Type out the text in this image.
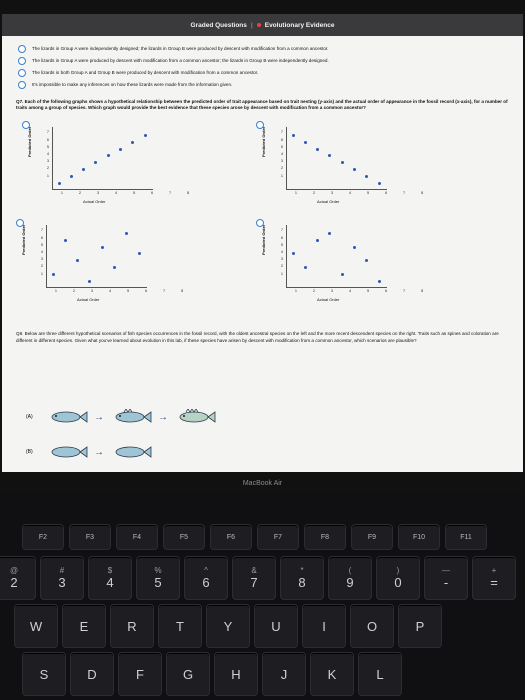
Graded Questions | Evolutionary Evidence
The lizards in Group A were independently designed; the lizards in Group B were produced by descent with modification from a common ancestor.
The lizards in Group A were produced by descent with modification from a common ancestor; the lizards in Group B were independently designed.
The lizards in both Group A and Group B were produced by descent with modification from a common ancestor.
It's impossible to make any inferences on how these lizards were made from the information given.
Q7. Each of the following graphs shows a hypothetical relationship between the predicted order of trait appearance based on trait nesting (y-axis) and the actual order of appearance in the fossil record (x-axis), for a number of traits among a group of species. Which graph would provide the best evidence that these species arose by descent with modification from a common ancestor?
Predicted Order	7
6
5
4
3
2
1
1 2 3 4 5 6 7 8
Actual Order
Predicted Order	7
6
5
4
3
2
1
1 2 3 4 5 6 7 8
Actual Order
Predicted Order	7
6
5
4
3
2
1
1 2 3 4 5 6 7 8
Actual Order
Predicted Order	7
6
5
4
3
2
1
1 2 3 4 5 6 7 8
Actual Order
Q8. Below are three different hypothetical scenarios of fish species occurrences in the fossil record, with the oldest ancestral species on the left and the more recent descendent species on the right. Traits such as spines and coloration are different in different species. Given what you've learned about evolution in this lab, if these species have arisen by descent with modification from a common ancestor, which scenarios are plausible?
(A)	→	→
(B)	→
MacBook Air
F2	F3	F4	F5	F6	F7	F8	F9	F10	F11
@
2
#
3
$
4
%
5
^
6
&
7
*
8
(
9
)
0
—
-
+
=
W	E	R	T	Y	U	I	O	P
S	D	F	G	H	J	K	L
